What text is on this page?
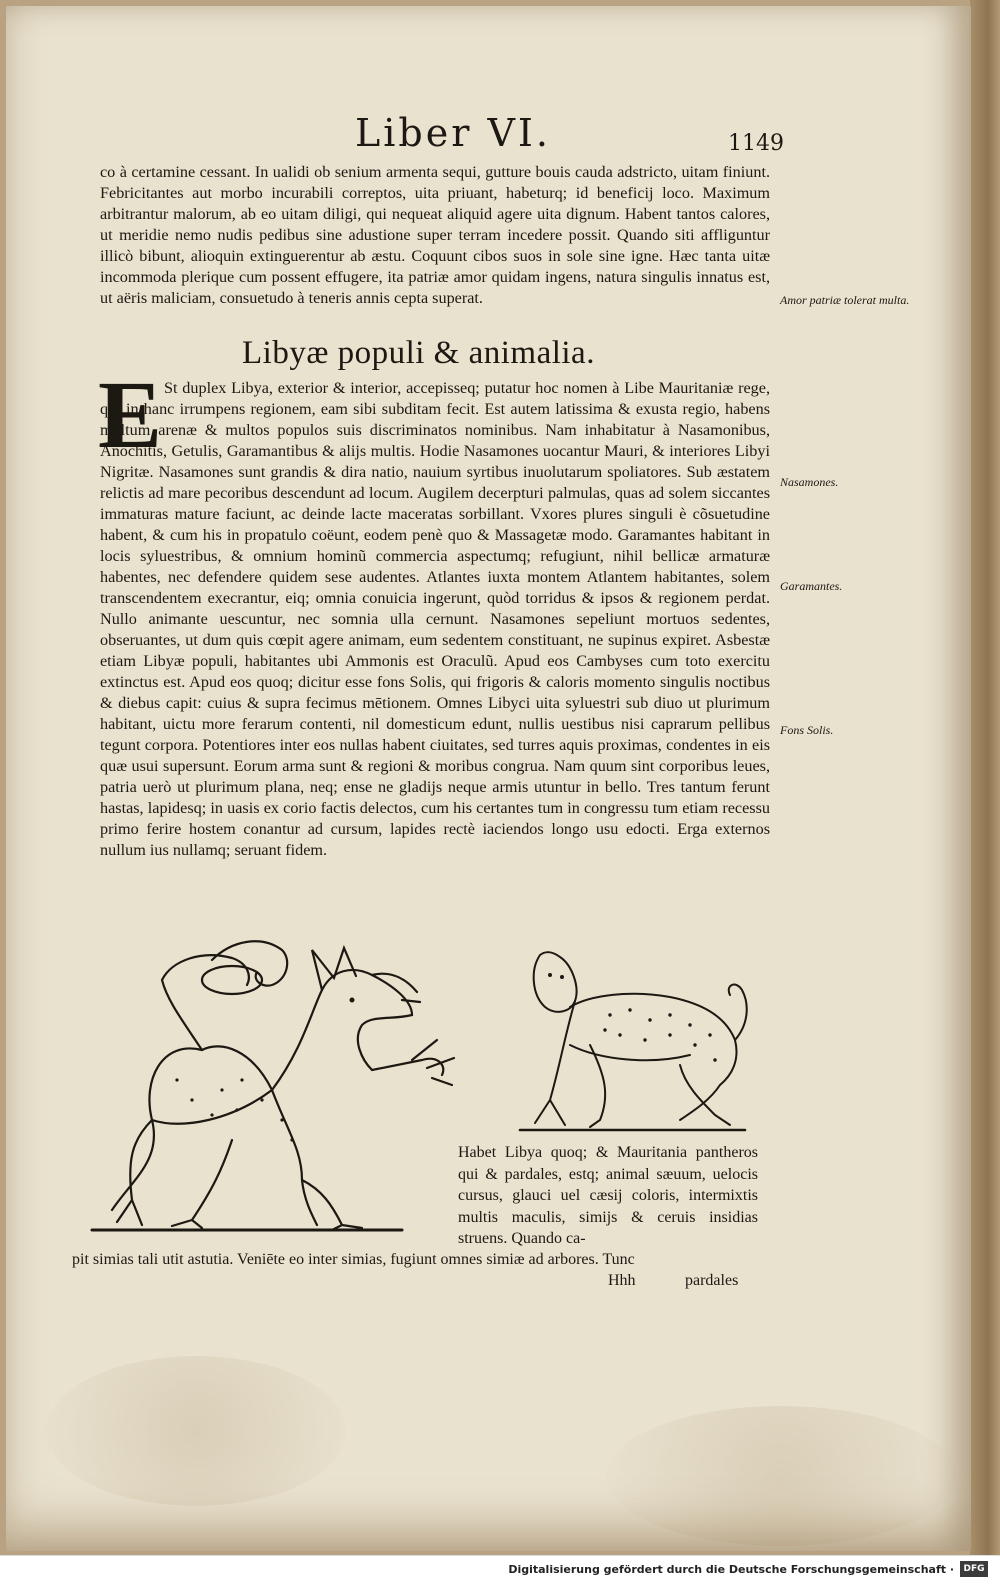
Liber VI.	1149
co à certamine cessant. In ualidi ob senium armenta sequi, gutture bouis cauda adstricto, uitam finiunt. Febricitantes aut morbo incurabili correptos, uita priuant, habeturq; id beneficij loco. Maximum arbitrantur malorum, ab eo uitam diligi, qui nequeat aliquid agere uita dignum. Habent tantos calores, ut meridie nemo nudis pedibus sine adustione super terram incedere possit. Quando siti affliguntur illicò bibunt, alioquin extinguerentur ab æstu. Coquunt cibos suos in sole sine igne. Hæc tanta uitæ incommoda plerique cum possent effugere, ita patriæ amor quidam ingens, natura singulis innatus est, ut aëris maliciam, consuetudo à teneris annis cepta superat.	Amor patriæ tolerat multa.
Libyæ populi & animalia.
E St duplex Libya, exterior & interior, accepisseq; putatur hoc nomen à Libe Mauritaniæ rege, qui in hanc irrumpens regionem, eam sibi subditam fecit. Est autem latissima & exusta regio, habens multum arenæ & multos populos suis discriminatos nominibus. Nam inhabitatur à Nasamonibus, Anochitis, Getulis, Garamantibus & alijs multis. Hodie Nasamones uocantur Mauri, & interiores Libyi Nigritæ. Nasamones sunt grandis & dira natio, nauium syrtibus inuolutarum spoliatores. Sub æstatem relictis ad mare pecoribus descendunt ad locum. Augilem decerpturi palmulas, quas ad solem siccantes immaturas mature faciunt, ac deinde lacte maceratas sorbillant. Vxores plures singuli è cõsuetudine habent, & cum his in propatulo coëunt, eodem penè quo & Massagetæ modo. Garamantes habitant in locis syluestribus, & omnium hominũ commercia aspectumq; refugiunt, nihil bellicæ armaturæ habentes, nec defendere quidem sese audentes. Atlantes iuxta montem Atlantem habitantes, solem transcendentem execrantur, eiq; omnia conuicia ingerunt, quòd torridus & ipsos & regionem perdat. Nullo animante uescuntur, nec somnia ulla cernunt. Nasamones sepeliunt mortuos sedentes, obseruantes, ut dum quis cœpit agere animam, eum sedentem constituant, ne supinus expiret. Asbestæ etiam Libyæ populi, habitantes ubi Ammonis est Oraculũ. Apud eos Cambyses cum toto exercitu extinctus est. Apud eos quoq; dicitur esse fons Solis, qui frigoris & caloris momento singulis noctibus & diebus capit: cuius & supra fecimus mētionem. Omnes Libyci uita syluestri sub diuo ut plurimum habitant, uictu more ferarum contenti, nil domesticum edunt, nullis uestibus nisi caprarum pellibus tegunt corpora. Potentiores inter eos nullas habent ciuitates, sed turres aquis proximas, condentes in eis quæ usui supersunt. Eorum arma sunt & regioni & moribus congrua. Nam quum sint corporibus leues, patria uerò ut plurimum plana, neq; ense ne gladijs neque armis utuntur in bello. Tres tantum ferunt hastas, lapidesq; in uasis ex corio factis delectos, cum his certantes tum in congressu tum etiam recessu primo ferire hostem conantur ad cursum, lapides rectè iaciendos longo usu edocti. Erga externos nullum ius nullamq; seruant fidem.
Nasamones.
Garamantes.
Fons Solis.
Habet Libya quoq; & Mauritania pantheros qui & pardales, estq; animal sæuum, uelocis cursus, glauci uel cæsij coloris, intermixtis multis maculis, simijs & ceruis insidias struens. Quando ca-
pit simias tali utit astutia. Veniēte eo inter simias, fugiunt omnes simiæ ad arbores. Tunc
Hhh	pardales
Digitalisierung gefördert durch die Deutsche Forschungsgemeinschaft ·	DFG
